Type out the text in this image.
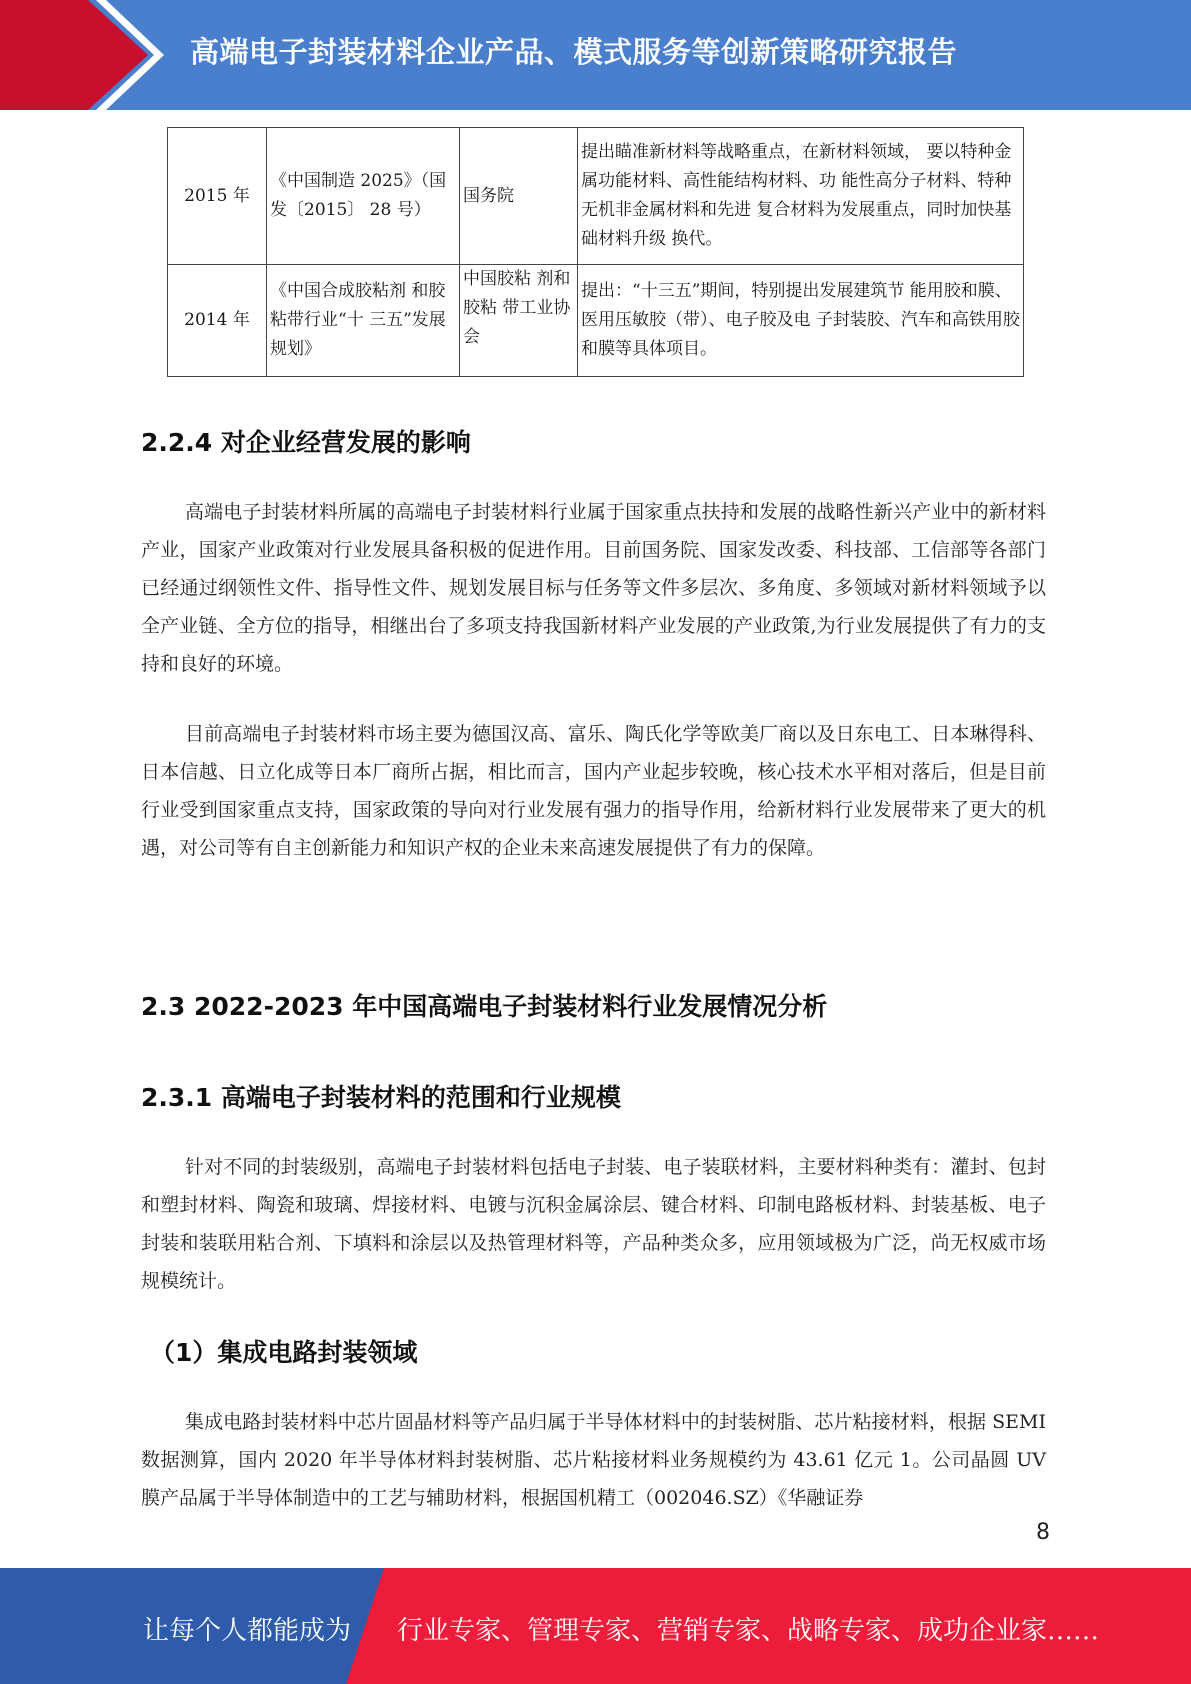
高端电子封装材料企业产品、模式服务等创新策略研究报告
2015 年	《中国制造 2025》（国发〔2015〕 28 号）	国务院	提出瞄准新材料等战略重点，在新材料领域， 要以特种金属功能材料、高性能结构材料、功 能性高分子材料、特种无机非金属材料和先进 复合材料为发展重点，同时加快基础材料升级 换代。
2014 年	《中国合成胶粘剂 和胶粘带行业“十 三五”发展规划》	中国胶粘 剂和胶粘 带工业协 会	提出：“十三五”期间，特别提出发展建筑节 能用胶和膜、医用压敏胶（带）、电子胶及电 子封装胶、汽车和高铁用胶和膜等具体项目。
2.2.4 对企业经营发展的影响
高端电子封装材料所属的高端电子封装材料行业属于国家重点扶持和发展的战略性新兴产业中的新材料产业，国家产业政策对行业发展具备积极的促进作用。目前国务院、国家发改委、科技部、工信部等各部门已经通过纲领性文件、指导性文件、规划发展目标与任务等文件多层次、多角度、多领域对新材料领域予以全产业链、全方位的指导，相继出台了多项支持我国新材料产业发展的产业政策,为行业发展提供了有力的支持和良好的环境。
目前高端电子封装材料市场主要为德国汉高、富乐、陶氏化学等欧美厂商以及日东电工、日本琳得科、日本信越、日立化成等日本厂商所占据，相比而言，国内产业起步较晚，核心技术水平相对落后，但是目前行业受到国家重点支持，国家政策的导向对行业发展有强力的指导作用，给新材料行业发展带来了更大的机遇，对公司等有自主创新能力和知识产权的企业未来高速发展提供了有力的保障。
2.3 2022-2023 年中国高端电子封装材料行业发展情况分析
2.3.1 高端电子封装材料的范围和行业规模
针对不同的封装级别，高端电子封装材料包括电子封装、电子装联材料，主要材料种类有：灌封、包封和塑封材料、陶瓷和玻璃、焊接材料、电镀与沉积金属涂层、键合材料、印制电路板材料、封装基板、电子封装和装联用粘合剂、下填料和涂层以及热管理材料等，产品种类众多，应用领域极为广泛，尚无权威市场规模统计。
（1）集成电路封装领域
集成电路封装材料中芯片固晶材料等产品归属于半导体材料中的封装树脂、芯片粘接材料，根据 SEMI 数据测算，国内 2020 年半导体材料封装树脂、芯片粘接材料业务规模约为 43.61 亿元 1。公司晶圆 UV 膜产品属于半导体制造中的工艺与辅助材料，根据国机精工（002046.SZ）《华融证券
8
让每个人都能成为 行业专家、管理专家、营销专家、战略专家、成功企业家……
